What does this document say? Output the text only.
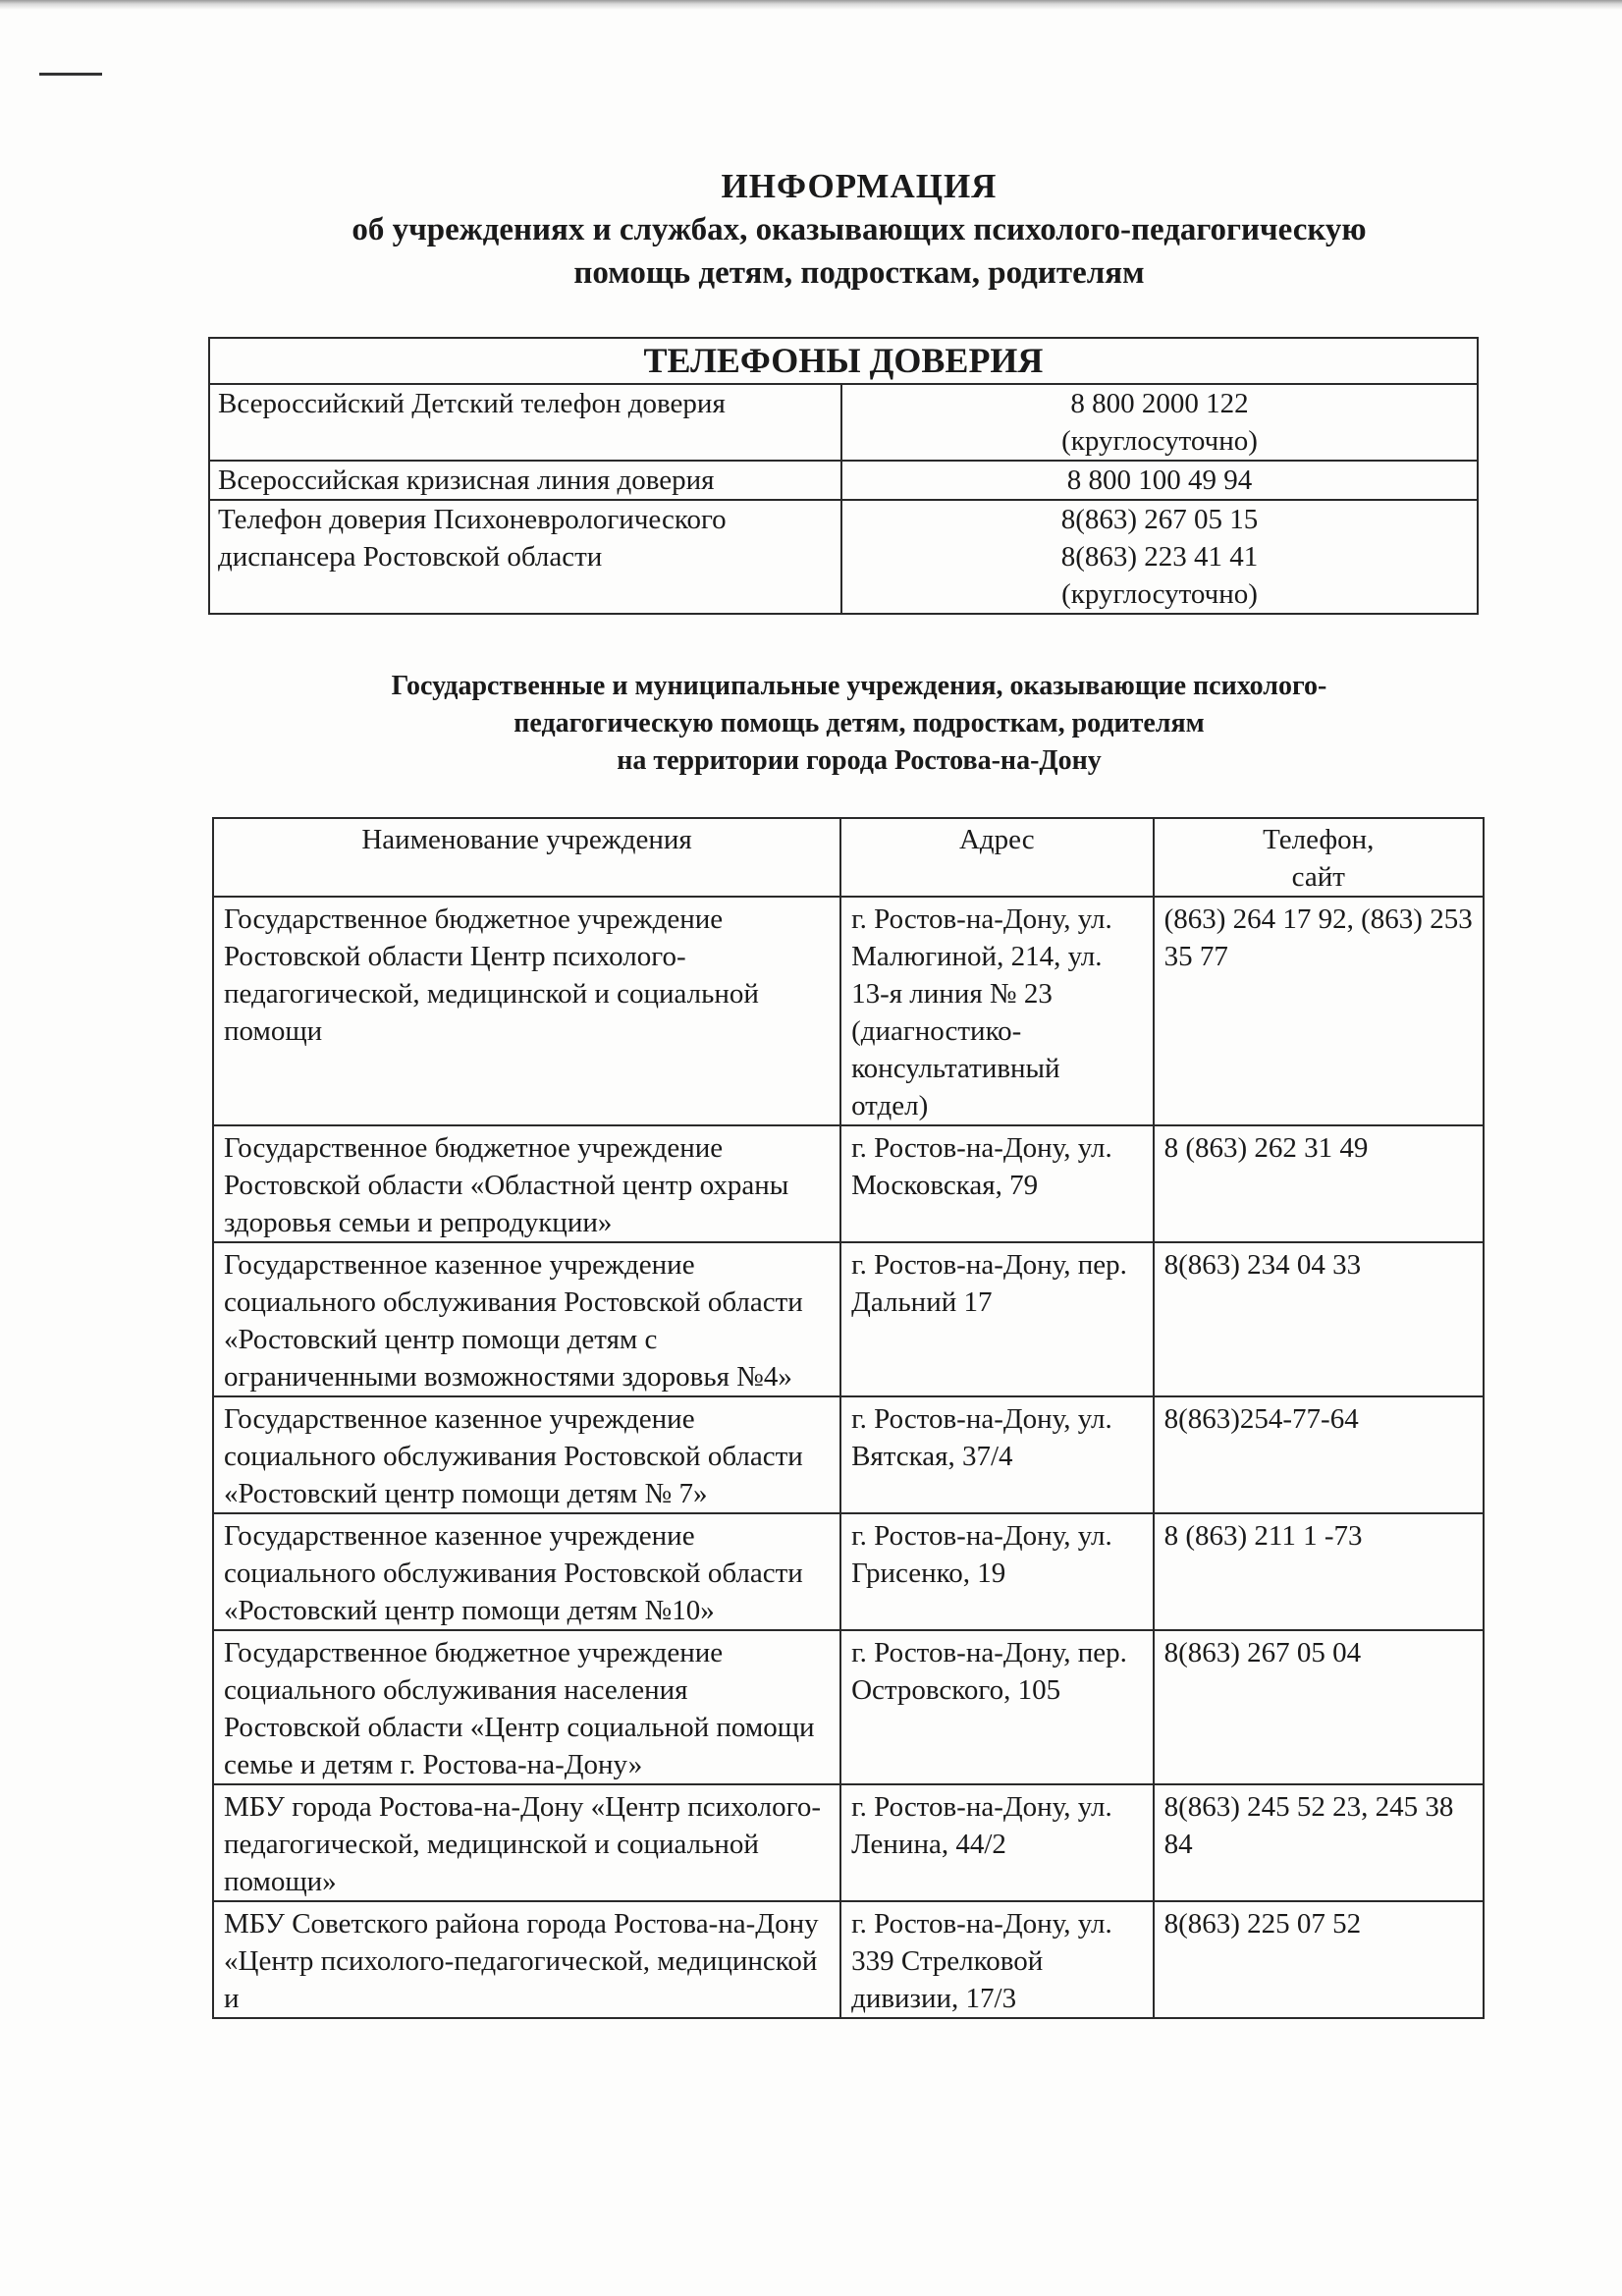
ИНФОРМАЦИЯ
об учреждениях и службах, оказывающих психолого-педагогическую
помощь детям, подросткам, родителям
ТЕЛЕФОНЫ ДОВЕРИЯ	
Всероссийский Детский телефон доверия	8 800 2000 122
(круглосуточно)

Всероссийская кризисная линия доверия	8 800 100 49 94

Телефон доверия Психоневрологического диспансера Ростовской области	8(863) 267 05 15
8(863) 223 41 41
(круглосуточно)
Государственные и муниципальные учреждения, оказывающие психолого-
педагогическую помощь детям, подросткам, родителям
на территории города Ростова-на-Дону
Наименование учреждения	Адрес	Телефон,
сайт

Государственное бюджетное учреждение Ростовской области Центр психолого-педагогической, медицинской и социальной помощи	г. Ростов-на-Дону, ул. Малюгиной, 214, ул. 13-я линия № 23 (диагностико-консультативный отдел)	(863) 264 17 92, (863) 253 35 77
Государственное бюджетное учреждение Ростовской области «Областной центр охраны здоровья семьи и репродукции»	г. Ростов-на-Дону, ул. Московская, 79	8 (863) 262 31 49
Государственное казенное учреждение социального обслуживания Ростовской области «Ростовский центр помощи детям с ограниченными возможностями здоровья №4»	г. Ростов-на-Дону, пер. Дальний 17	8(863) 234 04 33
Государственное казенное учреждение социального обслуживания Ростовской области «Ростовский центр помощи детям № 7»	г. Ростов-на-Дону, ул. Вятская, 37/4	8(863)254-77-64
Государственное казенное учреждение социального обслуживания Ростовской области «Ростовский центр помощи детям №10»	г. Ростов-на-Дону, ул. Грисенко, 19	8 (863) 211 1 -73
Государственное бюджетное учреждение социального обслуживания населения Ростовской области «Центр социальной помощи семье и детям г. Ростова-на-Дону»	г. Ростов-на-Дону, пер. Островского, 105	8(863) 267 05 04
МБУ города Ростова-на-Дону «Центр психолого-педагогической, медицинской и социальной помощи»	г. Ростов-на-Дону, ул. Ленина, 44/2	8(863) 245 52 23, 245 38 84
МБУ Советского района города Ростова-на-Дону «Центр психолого-педагогической, медицинской и	г. Ростов-на-Дону, ул. 339 Стрелковой дивизии, 17/3	8(863) 225 07 52
